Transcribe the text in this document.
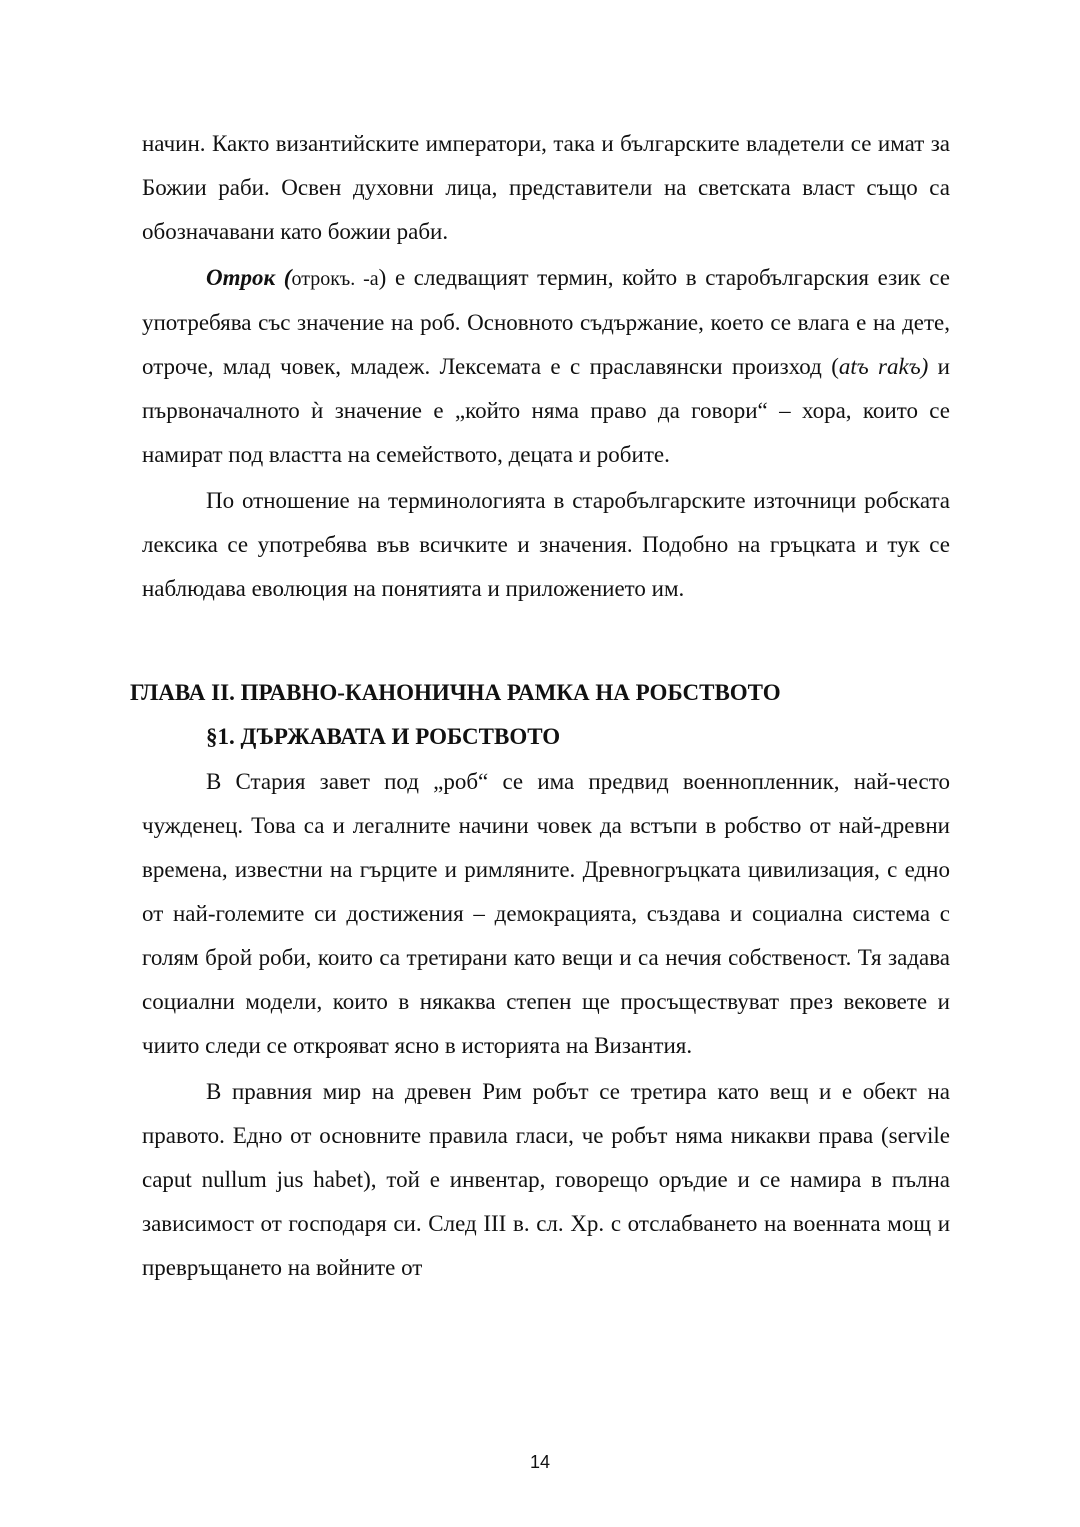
начин. Както византийските императори, така и българските владетели се имат за Божии раби. Освен духовни лица, представители на светската власт също са обозначавани като божии раби.

Отрок (отрокъ. -а) е следващият термин, който в старобългарския език се употребява със значение на роб. Основното съдържание, което се влага е на дете, отроче, млад човек, младеж. Лексемата е с праславянски произход (atъ rakъ) и първоначалното ѝ значение е „който няма право да говори“ – хора, които се намират под властта на семейството, децата и робите.

По отношение на терминологията в старобългарските източници робската лексика се употребява във всичките и значения. Подобно на гръцката и тук се наблюдава еволюция на понятията и приложението им.

ГЛАВА II. ПРАВНО-КАНОНИЧНА РАМКА НА РОБСТВОТО
§1. ДЪРЖАВАТА И РОБСТВОТО

В Стария завет под „роб“ се има предвид военнопленник, най-често чужденец. Това са и легалните начини човек да встъпи в робство от най-древни времена, известни на гърците и римляните. Древногръцката цивилизация, с едно от най-големите си достижения – демокрацията, създава и социална система с голям брой роби, които са третирани като вещи и са нечия собственост. Тя задава социални модели, които в някаква степен ще просъществуват през вековете и чиито следи се открояват ясно в историята на Византия.

В правния мир на древен Рим робът се третира като вещ и е обект на правото. Едно от основните правила гласи, че робът няма никакви права (servile caput nullum jus habet), той е инвентар, говорещо оръдие и се намира в пълна зависимост от господаря си. След III в. сл. Хр. с отслабването на военната мощ и превръщането на войните от

14
